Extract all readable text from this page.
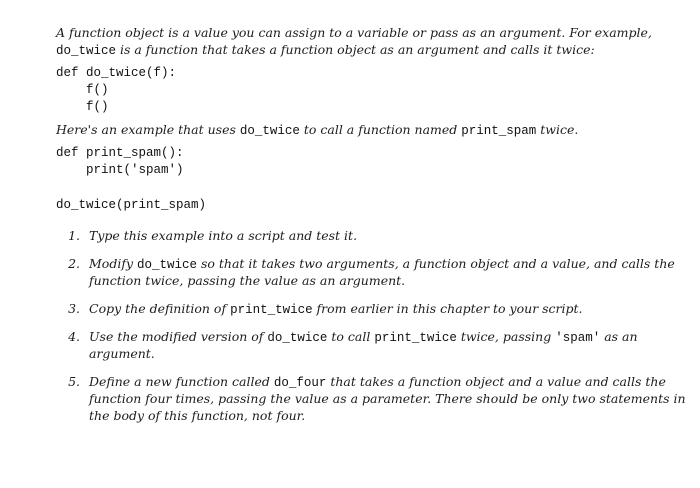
A function object is a value you can assign to a variable or pass as an argument. For example,
do_twice is a function that takes a function object as an argument and calls it twice:
def do_twice(f):
f()
f()
Here's an example that uses do_twice to call a function named print_spam twice.
def print_spam():
print('spam')
do_twice(print_spam)
1. Type this example into a script and test it.
2. Modify do_twice so that it takes two arguments, a function object and a value, and calls the
function twice, passing the value as an argument.
3. Copy the definition of print_twice from earlier in this chapter to your script.
4. Use the modified version of do_twice to call print_twice twice, passing 'spam' as an
argument.
5. Define a new function called do_four that takes a function object and a value and calls the
function four times, passing the value as a parameter. There should be only two statements in
the body of this function, not four.
